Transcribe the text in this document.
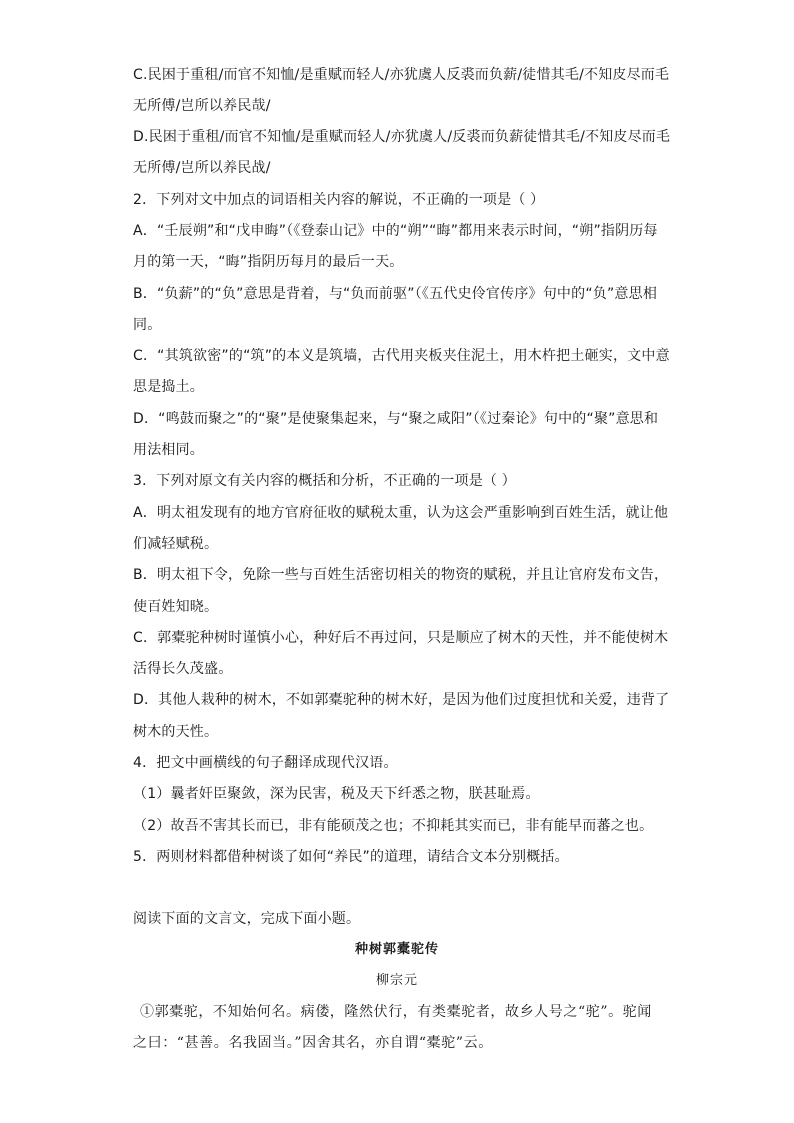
C.民困于重租/而官不知恤/是重赋而轻人/亦犹虞人反裘而负薪/徒惜其毛/不知皮尽而毛
无所傅/岂所以养民哉/
D.民困于重租/而官不知恤/是重赋而轻人/亦犹虞人/反裘而负薪徒惜其毛/不知皮尽而毛
无所傅/岂所以养民战/
2．下列对文中加点的词语相关内容的解说，不正确的一项是（ ）
A．“壬辰朔”和“戊申晦”（《登泰山记》中的“朔”“晦”都用来表示时间，“朔”指阴历每
月的第一天，“晦”指阴历每月的最后一天。
B．“负薪”的“负”意思是背着，与“负而前驱”（《五代史伶官传序》句中的“负”意思相
同。
C．“其筑欲密”的“筑”的本义是筑墙，古代用夹板夹住泥土，用木杵把土砸实，文中意
思是捣土。
D．“鸣鼓而聚之”的“聚”是使聚集起来，与“聚之咸阳”（《过秦论》句中的“聚”意思和
用法相同。
3．下列对原文有关内容的概括和分析，不正确的一项是（ ）
A．明太祖发现有的地方官府征收的赋税太重，认为这会严重影响到百姓生活，就让他
们减轻赋税。
B．明太祖下令，免除一些与百姓生活密切相关的物资的赋税，并且让官府发布文告，
使百姓知晓。
C．郭橐驼种树时谨慎小心，种好后不再过问，只是顺应了树木的天性，并不能使树木
活得长久茂盛。
D．其他人栽种的树木，不如郭橐驼种的树木好，是因为他们过度担忧和关爱，违背了
树木的天性。
4．把文中画横线的句子翻译成现代汉语。
（1）曩者奸臣聚敛，深为民害，税及天下纤悉之物，朕甚耻焉。
（2）故吾不害其长而已，非有能硕茂之也；不抑耗其实而已，非有能早而蕃之也。
5．两则材料都借种树谈了如何“养民”的道理，请结合文本分别概括。
阅读下面的文言文，完成下面小题。
种树郭橐驼传
柳宗元
①郭橐驼，不知始何名。病偻，隆然伏行，有类橐驼者，故乡人号之“驼”。驼闻
之曰：“甚善。名我固当。”因舍其名，亦自谓“橐驼”云。
